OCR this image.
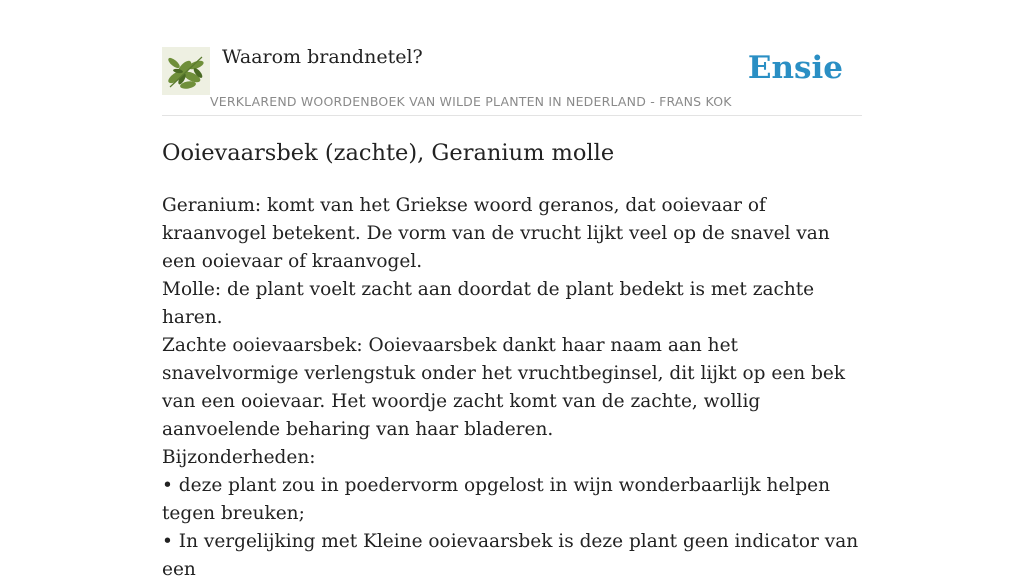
Waarom brandnetel?
VERKLAREND WOORDENBOEK VAN WILDE PLANTEN IN NEDERLAND - FRANS KOK
Ensie
Ooievaarsbek (zachte), Geranium molle

Geranium: komt van het Griekse woord geranos, dat ooievaar of kraanvogel betekent. De vorm van de vrucht lijkt veel op de snavel van een ooievaar of kraanvogel.

Molle: de plant voelt zacht aan doordat de plant bedekt is met zachte haren.

Zachte ooievaarsbek: Ooievaarsbek dankt haar naam aan het snavelvormige verlengstuk onder het vruchtbeginsel, dit lijkt op een bek van een ooievaar. Het woordje zacht komt van de zachte, wollig aanvoelende beharing van haar bladeren.

Bijzonderheden:

• deze plant zou in poedervorm opgelost in wijn wonderbaarlijk helpen tegen breuken;

• In vergelijking met Kleine ooievaarsbek is deze plant geen indicator van een
